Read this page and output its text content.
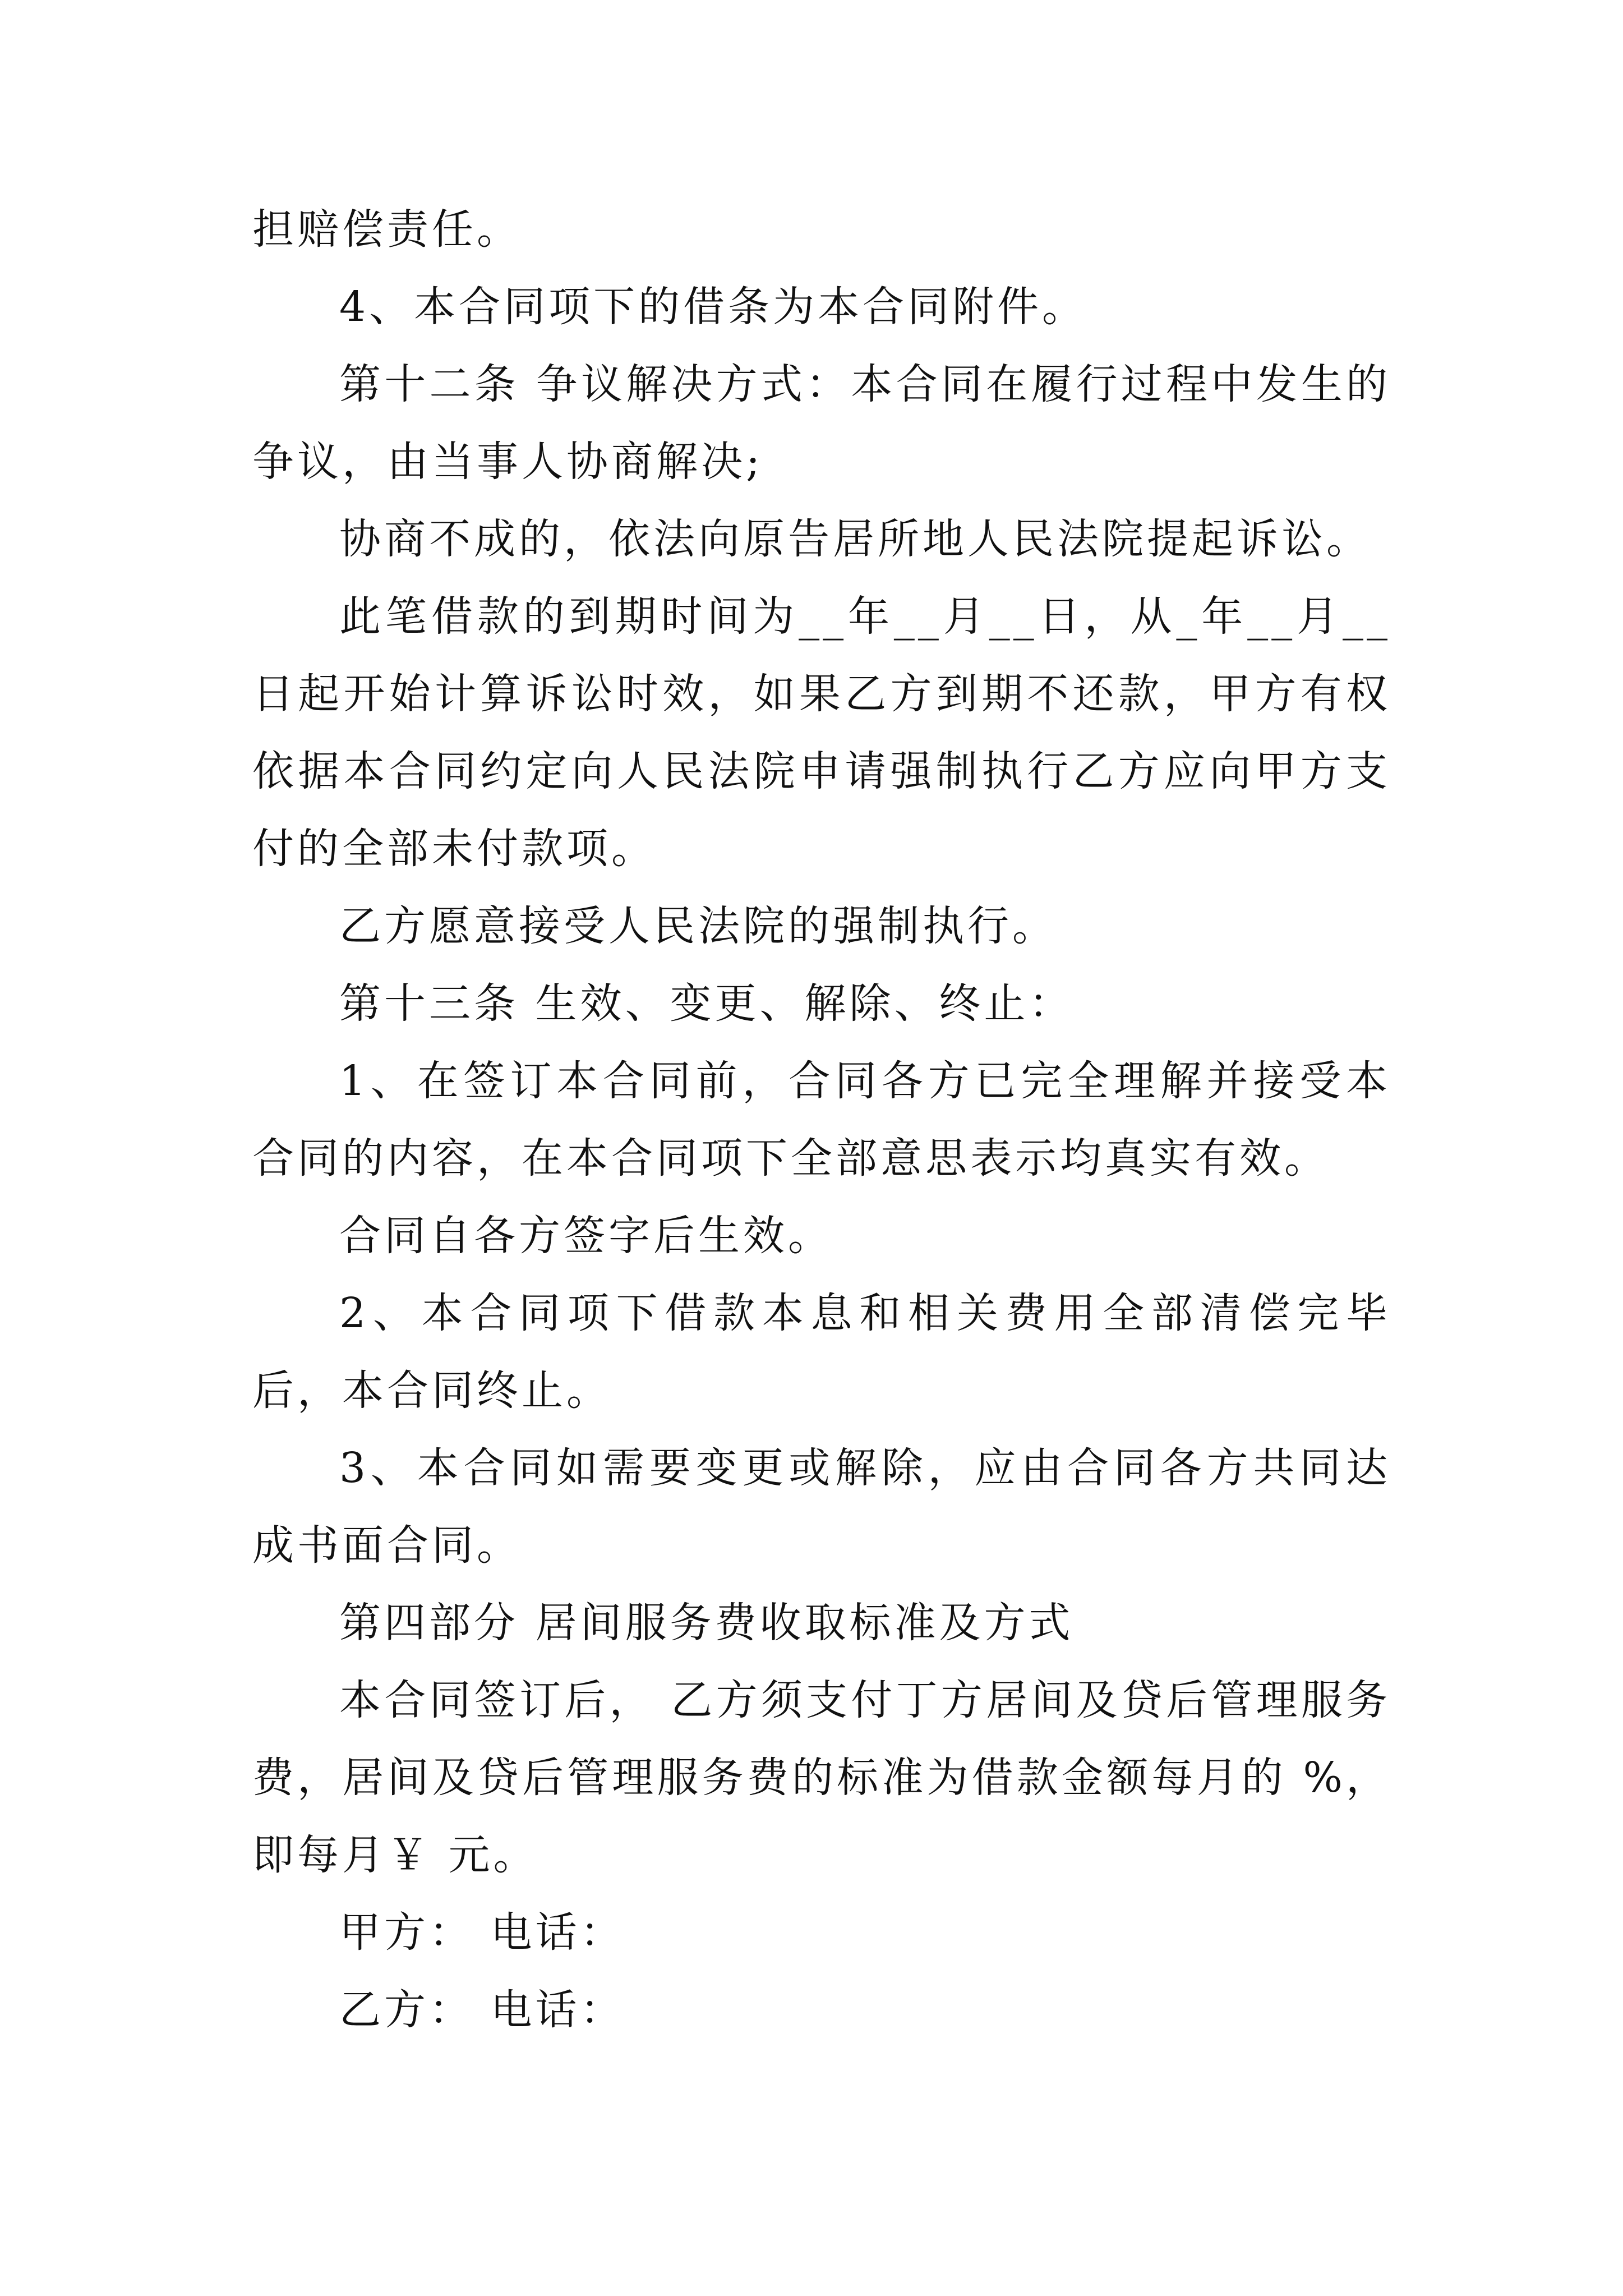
担赔偿责任。

4、本合同项下的借条为本合同附件。

第十二条 争议解决方式：本合同在履行过程中发生的争议，由当事人协商解决;

协商不成的，依法向原告居所地人民法院提起诉讼。

此笔借款的到期时间为__年__月__日，从_年__月__日起开始计算诉讼时效，如果乙方到期不还款，甲方有权依据本合同约定向人民法院申请强制执行乙方应向甲方支付的全部未付款项。

乙方愿意接受人民法院的强制执行。

第十三条 生效、变更、解除、终止：

1、在签订本合同前，合同各方已完全理解并接受本合同的内容，在本合同项下全部意思表示均真实有效。

合同自各方签字后生效。

2、本合同项下借款本息和相关费用全部清偿完毕后，本合同终止。

3、本合同如需要变更或解除，应由合同各方共同达成书面合同。

第四部分 居间服务费收取标准及方式

本合同签订后， 乙方须支付丁方居间及贷后管理服务费，居间及贷后管理服务费的标准为借款金额每月的 %，即每月￥ 元。

甲方： 电话：

乙方： 电话：
